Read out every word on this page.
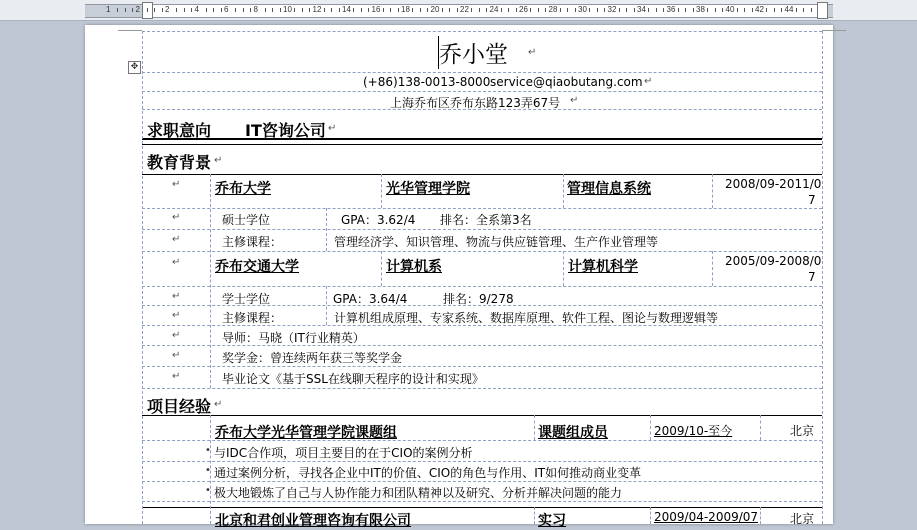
1	2	2	4	6	8	10	12	14	16	18	20	22	24	26	28	30	32	34	36	38	40	42	44
✥	乔小堂 ↵
(+86)138-0013-8000 service@qiaobutang.com ↵
上海乔布区乔布东路123弄67号 ↵
求职意向 IT咨询公司 ↵
教育背景 ↵
↵ 乔布大学	光华管理学院	管理信息系统	2008/09-2011/0
7
↵	硕士学位	GPA：3.62/4 排名：全系第3名
↵	主修课程：	管理经济学、知识管理、物流与供应链管理、生产作业管理等
↵ 乔布交通大学	计算机系	计算机科学	2005/09-2008/0
7
↵	学士学位	GPA：3.64/4	排名：9/278
↵	主修课程：	计算机组成原理、专家系统、数据库原理、软件工程、图论与数理逻辑等
↵	导师：马晓（IT行业精英）
↵	奖学金：曾连续两年获三等奖学金
↵	毕业论文《基于SSL在线聊天程序的设计和实现》
项目经验 ↵
乔布大学光华管理学院课题组	课题组成员	2009/10-至今	北京
• 与IDC合作项，项目主要目的在于CIO的案例分析
• 通过案例分析，寻找各企业中IT的价值、CIO的角色与作用、IT如何推动商业变革
• 极大地锻炼了自己与人协作能力和团队精神以及研究、分析并解决问题的能力
北京和君创业管理咨询有限公司	实习	2009/04-2009/07	北京
